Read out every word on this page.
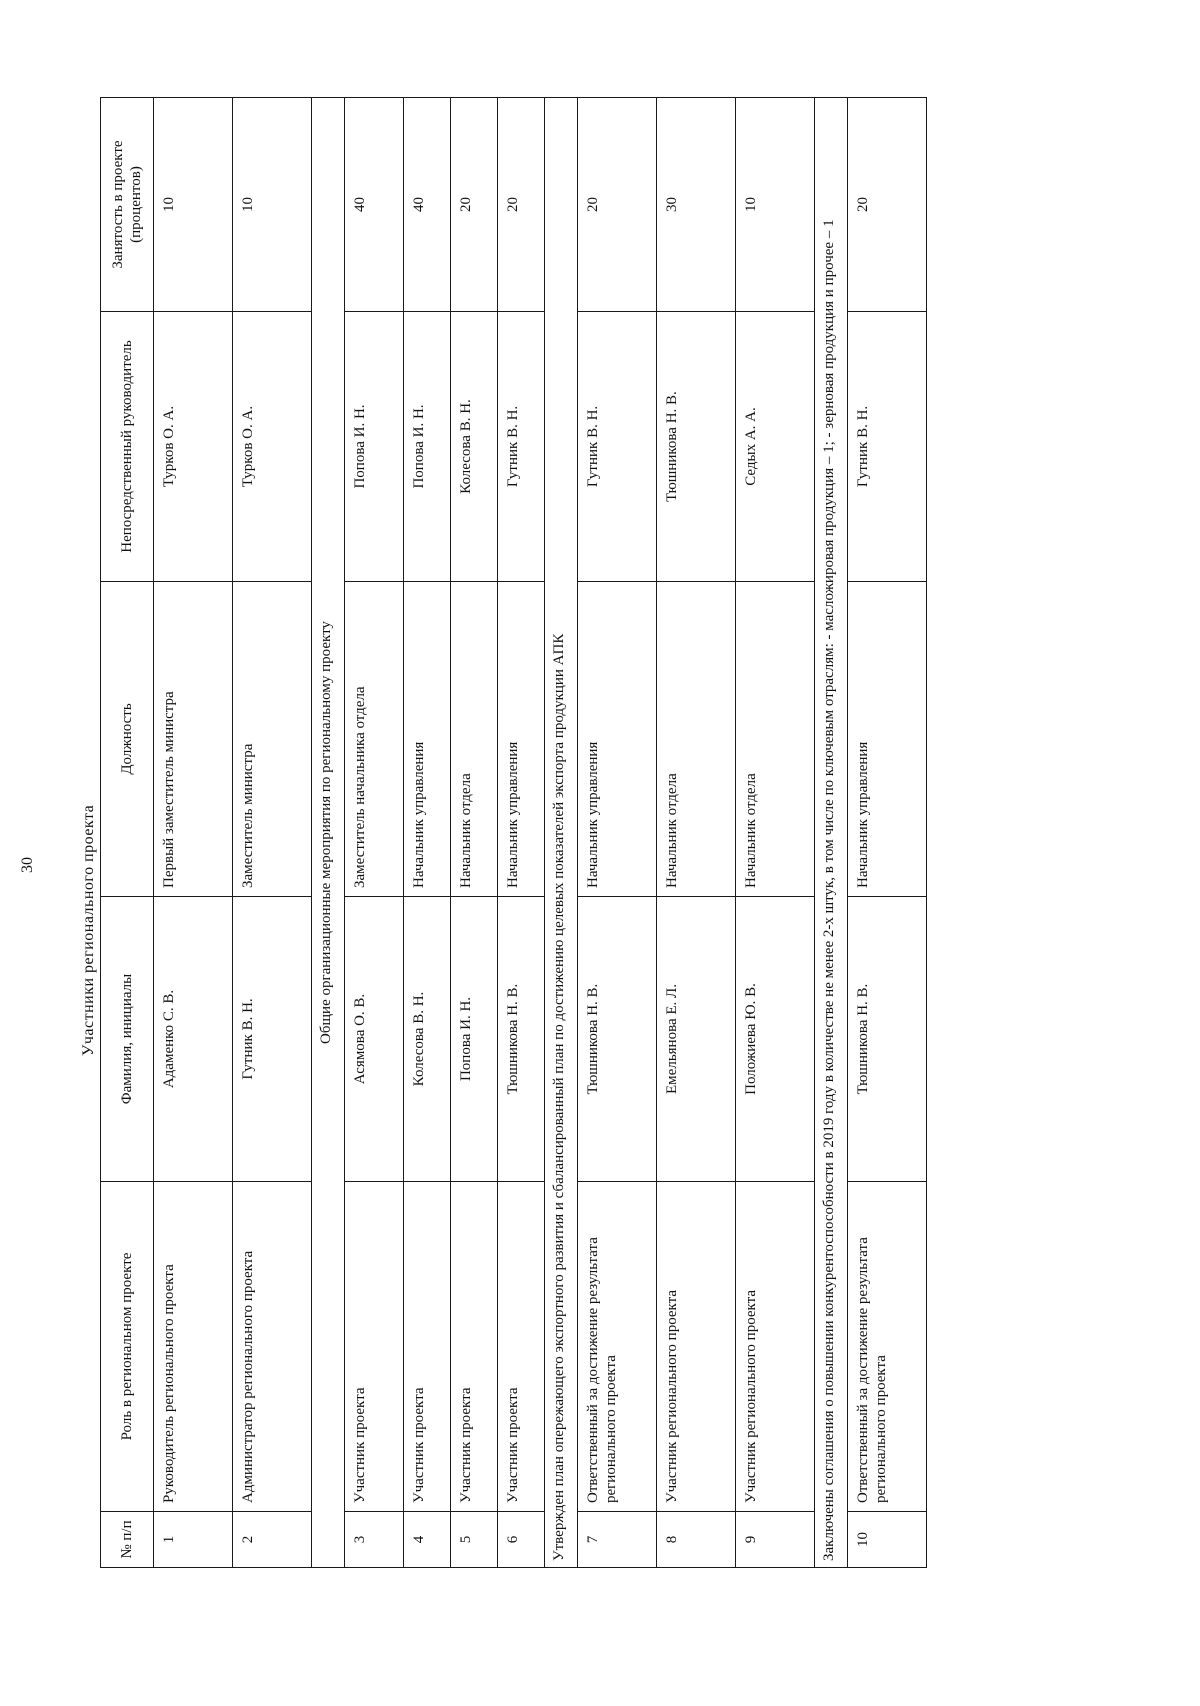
30	Участники регионального проекта
№ п/п	Роль в региональном проекте	Фамилия, инициалы	Должность	Непосредственный руководитель	Занятость в проекте (процентов)
1	Руководитель регионального проекта	Адаменко С. В.	Первый заместитель министра	Турков О. А.	10
2	Администратор регионального проекта	Гутник В. Н.	Заместитель министра	Турков О. А.	10
Общие организационные мероприятия по региональному проекту					
3	Участник проекта	Асямова О. В.	Заместитель начальника отдела	Попова И. Н.	40
4	Участник проекта	Колесова В. Н.	Начальник управления	Попова И. Н.	40
5	Участник проекта	Попова И. Н.	Начальник отдела	Колесова В. Н.	20
6	Участник проекта	Тюшникова Н. В.	Начальник управления	Гутник В. Н.	20
Утвержден план опережающего экспортного развития и сбалансированный план по достижению целевых показателей экспорта продукции АПК					
7	Ответственный за достижение результата регионального проекта	Тюшникова Н. В.	Начальник управления	Гутник В. Н.	20
8	Участник регионального проекта	Емельянова Е. Л.	Начальник отдела	Тюшникова Н. В.	30
9	Участник регионального проекта	Положиева Ю. В.	Начальник отдела	Седых А. А.	10
Заключены соглашения о повышении конкурентоспособности в 2019 году в количестве не менее 2-х штук, в том числе по ключевым отраслям: - масложировая продукция – 1; - зерновая продукция и прочее – 1					
10	Ответственный за достижение результата регионального проекта	Тюшникова Н. В.	Начальник управления	Гутник В. Н.	20
